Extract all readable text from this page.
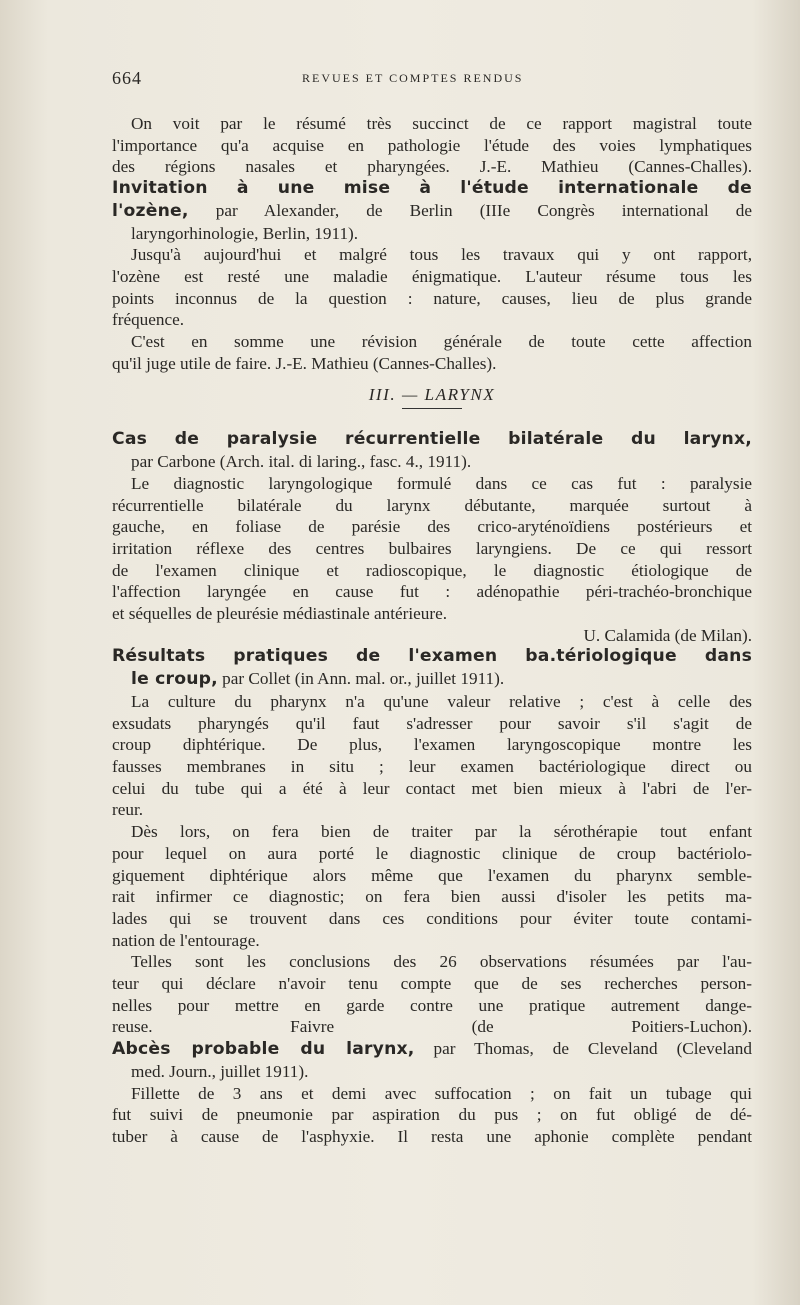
664	REVUES ET COMPTES RENDUS
On voit par le résumé très succinct de ce rapport magistral toute
l'importance qu'a acquise en pathologie l'étude des voies lymphatiques
des régions nasales et pharyngées. J.-E. Mathieu (Cannes-Challes).
Invitation à une mise à l'étude internationale de
l'ozène, par Alexander, de Berlin (IIIe Congrès international de
laryngorhinologie, Berlin, 1911).
Jusqu'à aujourd'hui et malgré tous les travaux qui y ont rapport,
l'ozène est resté une maladie énigmatique. L'auteur résume tous les
points inconnus de la question : nature, causes, lieu de plus grande
fréquence.
C'est en somme une révision générale de toute cette affection
qu'il juge utile de faire. J.-E. Mathieu (Cannes-Challes).
III. — LARYNX
Cas de paralysie récurrentielle bilatérale du larynx,
par Carbone (Arch. ital. di laring., fasc. 4., 1911).
Le diagnostic laryngologique formulé dans ce cas fut : paralysie
récurrentielle bilatérale du larynx débutante, marquée surtout à
gauche, en foliase de parésie des crico-aryténoïdiens postérieurs et
irritation réflexe des centres bulbaires laryngiens. De ce qui ressort
de l'examen clinique et radioscopique, le diagnostic étiologique de
l'affection laryngée en cause fut : adénopathie péri-trachéo-bronchique
et séquelles de pleurésie médiastinale antérieure.
U. Calamida (de Milan).
Résultats pratiques de l'examen ba.tériologique dans
le croup, par Collet (in Ann. mal. or., juillet 1911).
La culture du pharynx n'a qu'une valeur relative ; c'est à celle des
exsudats pharyngés qu'il faut s'adresser pour savoir s'il s'agit de
croup diphtérique. De plus, l'examen laryngoscopique montre les
fausses membranes in situ ; leur examen bactériologique direct ou
celui du tube qui a été à leur contact met bien mieux à l'abri de l'er-
reur.
Dès lors, on fera bien de traiter par la sérothérapie tout enfant
pour lequel on aura porté le diagnostic clinique de croup bactériolo-
giquement diphtérique alors même que l'examen du pharynx semble-
rait infirmer ce diagnostic; on fera bien aussi d'isoler les petits ma-
lades qui se trouvent dans ces conditions pour éviter toute contami-
nation de l'entourage.
Telles sont les conclusions des 26 observations résumées par l'au-
teur qui déclare n'avoir tenu compte que de ses recherches person-
nelles pour mettre en garde contre une pratique autrement dange-
reuse. Faivre (de Poitiers-Luchon).
Abcès probable du larynx, par Thomas, de Cleveland (Cleveland
med. Journ., juillet 1911).
Fillette de 3 ans et demi avec suffocation ; on fait un tubage qui
fut suivi de pneumonie par aspiration du pus ; on fut obligé de dé-
tuber à cause de l'asphyxie. Il resta une aphonie complète pendant
